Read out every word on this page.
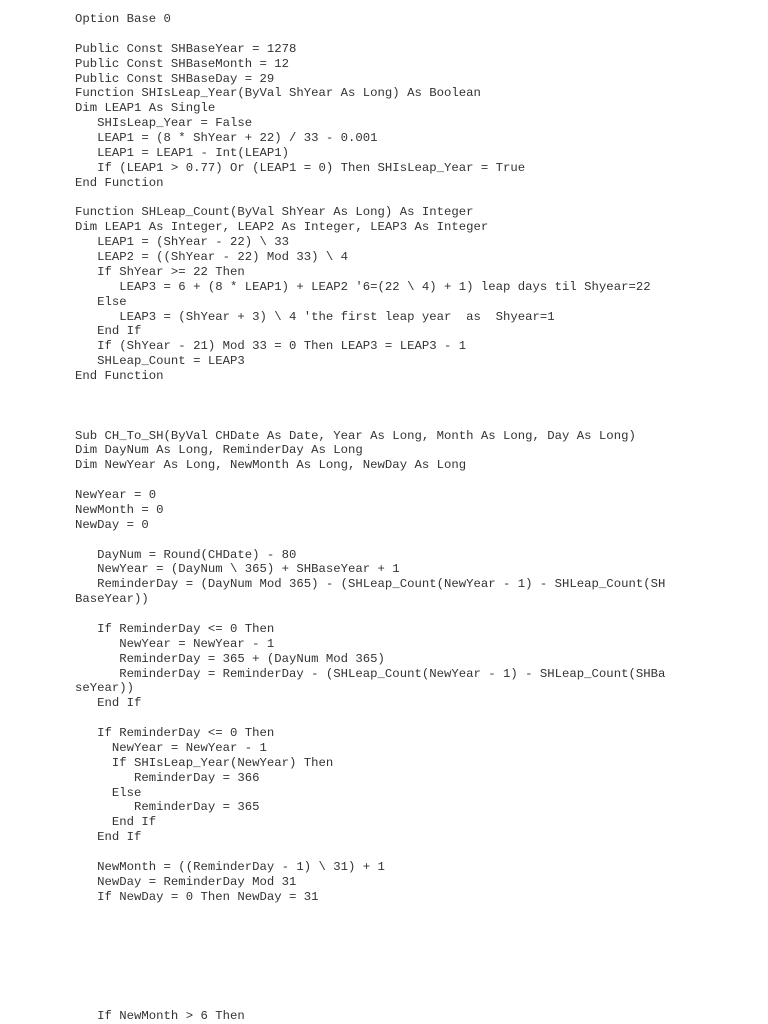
Option Base 0
Public Const SHBaseYear = 1278
Public Const SHBaseMonth = 12
Public Const SHBaseDay = 29
Function SHIsLeap_Year(ByVal ShYear As Long) As Boolean
Dim LEAP1 As Single
SHIsLeap_Year = False
LEAP1 = (8 * ShYear + 22) / 33 - 0.001
LEAP1 = LEAP1 - Int(LEAP1)
If (LEAP1 > 0.77) Or (LEAP1 = 0) Then SHIsLeap_Year = True
End Function
Function SHLeap_Count(ByVal ShYear As Long) As Integer
Dim LEAP1 As Integer, LEAP2 As Integer, LEAP3 As Integer
LEAP1 = (ShYear - 22) \ 33
LEAP2 = ((ShYear - 22) Mod 33) \ 4
If ShYear >= 22 Then
LEAP3 = 6 + (8 * LEAP1) + LEAP2 '6=(22 \ 4) + 1) leap days til Shyear=22
Else
LEAP3 = (ShYear + 3) \ 4 'the first leap year  as  Shyear=1
End If
If (ShYear - 21) Mod 33 = 0 Then LEAP3 = LEAP3 - 1
SHLeap_Count = LEAP3
End Function
Sub CH_To_SH(ByVal CHDate As Date, Year As Long, Month As Long, Day As Long)
Dim DayNum As Long, ReminderDay As Long
Dim NewYear As Long, NewMonth As Long, NewDay As Long
NewYear = 0
NewMonth = 0
NewDay = 0
DayNum = Round(CHDate) - 80
NewYear = (DayNum \ 365) + SHBaseYear + 1
ReminderDay = (DayNum Mod 365) - (SHLeap_Count(NewYear - 1) - SHLeap_Count(SH
BaseYear))
If ReminderDay <= 0 Then
NewYear = NewYear - 1
ReminderDay = 365 + (DayNum Mod 365)
ReminderDay = ReminderDay - (SHLeap_Count(NewYear - 1) - SHLeap_Count(SHBa
seYear))
End If
If ReminderDay <= 0 Then
NewYear = NewYear - 1
If SHIsLeap_Year(NewYear) Then
ReminderDay = 366
Else
ReminderDay = 365
End If
End If
NewMonth = ((ReminderDay - 1) \ 31) + 1
NewDay = ReminderDay Mod 31
If NewDay = 0 Then NewDay = 31
If NewMonth > 6 Then
